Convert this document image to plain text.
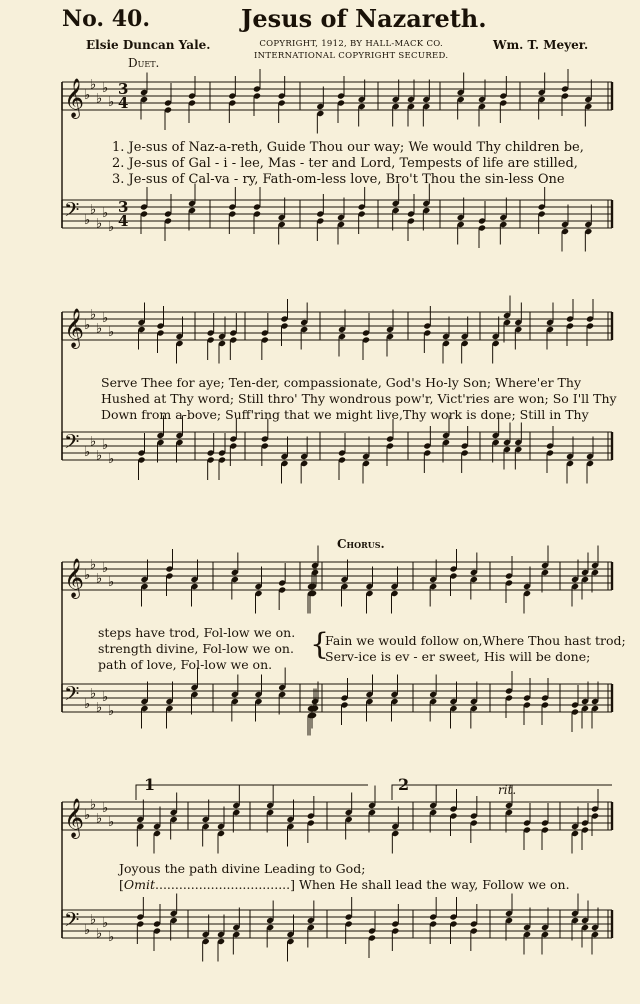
No. 40.	Jesus of Nazareth.
Elsie Duncan Yale.	COPYRIGHT, 1912, BY HALL-MACK CO.
INTERNATIONAL COPYRIGHT SECURED.
Wm. T. Meyer.
𝄞 ♭
♭
♭
♭
♭
𝄢 ♭
♭
♭
♭
♭
𝄞 ♭
♭
♭
♭
♭
𝄢 ♭
♭
♭
♭
♭
𝄞 ♭
♭
♭
♭
♭
𝄢 ♭
♭
♭
♭
♭
𝄞 ♭
♭
♭
♭
♭
𝄢 ♭
♭
♭
♭
♭
3
4
3
4
Duet.
Chorus.
rit.
1	2
1. Je-sus of Naz-a-reth, Guide Thou our way; We would Thy children be,
2. Je-sus of Gal - i - lee, Mas - ter and Lord, Tempests of life are stilled,
3. Je-sus of Cal-va - ry, Fath-om-less love, Bro't Thou the sin-less One
Serve Thee for aye; Ten-der, compassionate, God's Ho-ly Son; Where'er Thy
Hushed at Thy word; Still thro' Thy wondrous pow'r, Vict'ries are won; So I'll Thy
Down from a-bove; Suff'ring that we might live,Thy work is done; Still in Thy
steps have trod, Fol-low we on.
strength divine, Fol-low we on.
path of love, Fol-low we on.
{
Fain we would follow on,Where Thou hast trod;
Serv-ice is ev - er sweet, His will be done;
Joyous the path divine Leading to God;
[Omit..................................] When He shall lead the way, Follow we on.
